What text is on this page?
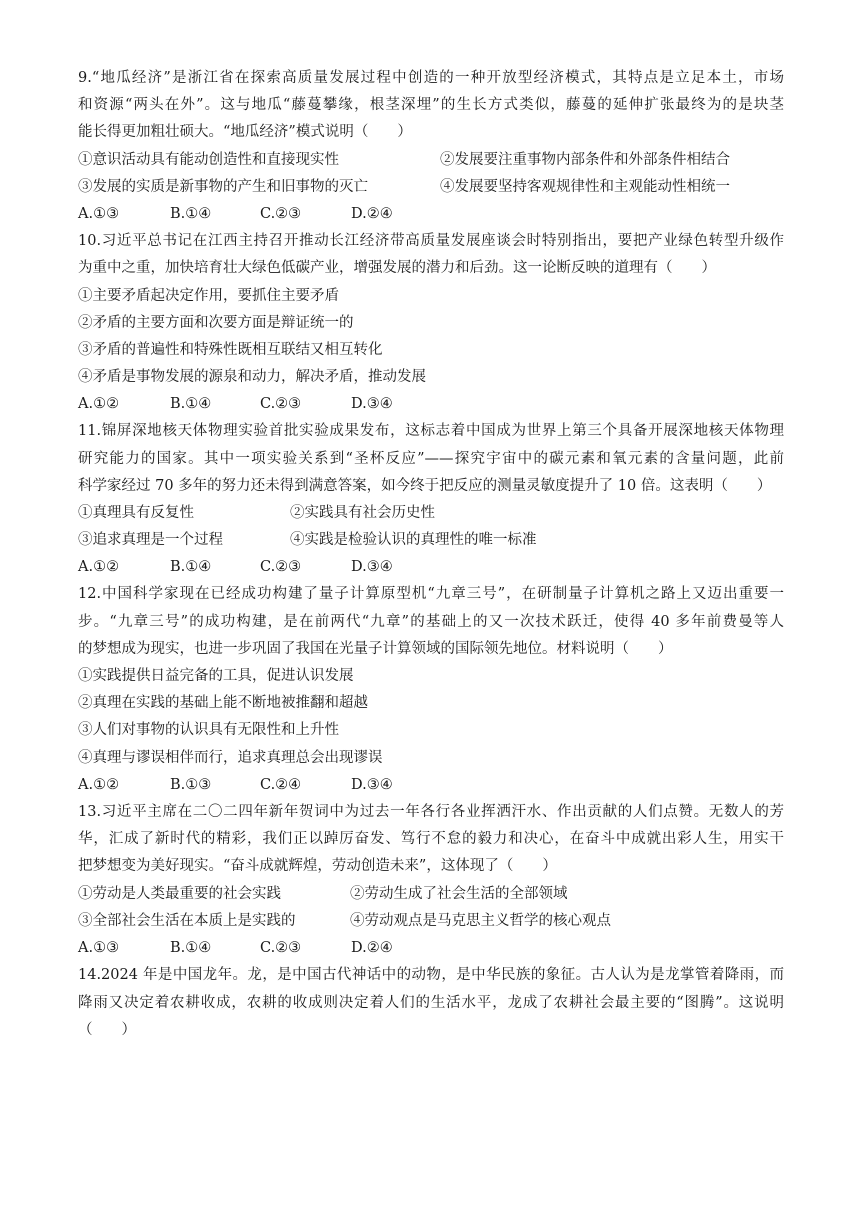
9.“地瓜经济”是浙江省在探索高质量发展过程中创造的一种开放型经济模式，其特点是立足本土，市场

和资源“两头在外”。这与地瓜“藤蔓攀缘，根茎深埋”的生长方式类似，藤蔓的延伸扩张最终为的是块茎

能长得更加粗壮硕大。“地瓜经济”模式说明（　　）

①意识活动具有能动创造性和直接现实性	②发展要注重事物内部条件和外部条件相结合

③发展的实质是新事物的产生和旧事物的灭亡	④发展要坚持客观规律性和主观能动性相统一

A.①③	B.①④	C.②③	D.②④

10.习近平总书记在江西主持召开推动长江经济带高质量发展座谈会时特别指出，要把产业绿色转型升级作

为重中之重，加快培育壮大绿色低碳产业，增强发展的潜力和后劲。这一论断反映的道理有（　　）

①主要矛盾起决定作用，要抓住主要矛盾

②矛盾的主要方面和次要方面是辩证统一的

③矛盾的普遍性和特殊性既相互联结又相互转化

④矛盾是事物发展的源泉和动力，解决矛盾，推动发展

A.①②	B.①④	C.②③	D.③④

11.锦屏深地核天体物理实验首批实验成果发布，这标志着中国成为世界上第三个具备开展深地核天体物理

研究能力的国家。其中一项实验关系到“圣杯反应”——探究宇宙中的碳元素和氧元素的含量问题，此前

科学家经过 70 多年的努力还未得到满意答案，如今终于把反应的测量灵敏度提升了 10 倍。这表明（　　）

①真理具有反复性	②实践具有社会历史性

③追求真理是一个过程	④实践是检验认识的真理性的唯一标准

A.①②	B.①④	C.②③	D.③④

12.中国科学家现在已经成功构建了量子计算原型机“九章三号”，在研制量子计算机之路上又迈出重要一

步。“九章三号”的成功构建，是在前两代“九章”的基础上的又一次技术跃迁，使得 40 多年前费曼等人

的梦想成为现实，也进一步巩固了我国在光量子计算领域的国际领先地位。材料说明（　　）

①实践提供日益完备的工具，促进认识发展

②真理在实践的基础上能不断地被推翻和超越

③人们对事物的认识具有无限性和上升性

④真理与谬误相伴而行，追求真理总会出现谬误

A.①②	B.①③	C.②④	D.③④

13.习近平主席在二〇二四年新年贺词中为过去一年各行各业挥洒汗水、作出贡献的人们点赞。无数人的芳

华，汇成了新时代的精彩，我们正以踔厉奋发、笃行不怠的毅力和决心，在奋斗中成就出彩人生，用实干

把梦想变为美好现实。“奋斗成就辉煌，劳动创造未来”，这体现了（　　）

①劳动是人类最重要的社会实践	②劳动生成了社会生活的全部领域

③全部社会生活在本质上是实践的	④劳动观点是马克思主义哲学的核心观点

A.①③	B.①④	C.②③	D.②④

14.2024 年是中国龙年。龙，是中国古代神话中的动物，是中华民族的象征。古人认为是龙掌管着降雨，而

降雨又决定着农耕收成，农耕的收成则决定着人们的生活水平，龙成了农耕社会最主要的“图腾”。这说明

（　　）
